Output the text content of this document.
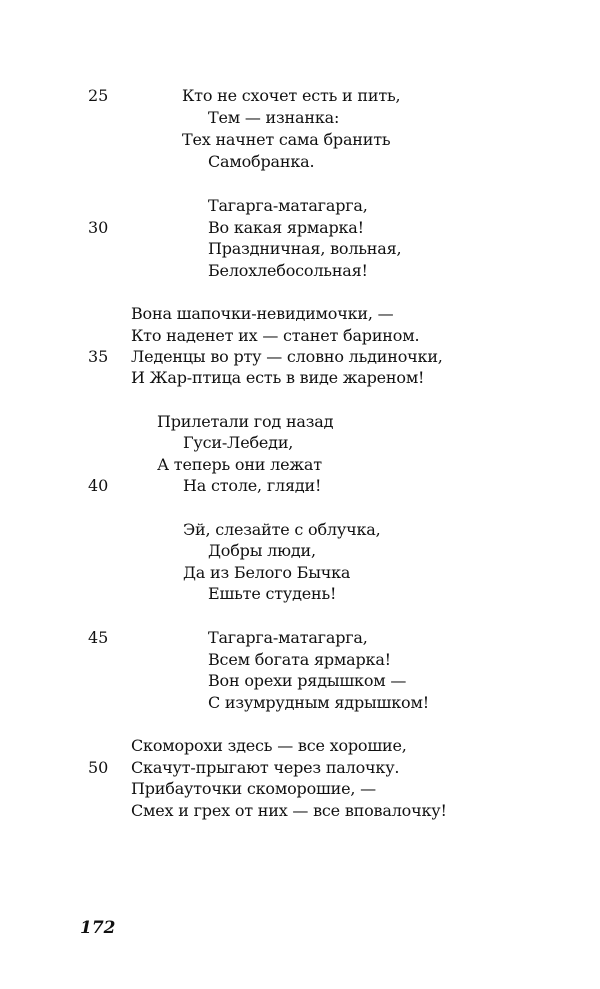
Кто не схочет есть и пить,
Тем — изнанка:
Тех начнет сама бранить
Самобранка.
Тагарга-матагарга,
Во какая ярмарка!
Праздничная, вольная,
Белохлебосольная!
Вона шапочки-невидимочки, —
Кто наденет их — станет барином.
Леденцы во рту — словно льдиночки,
И Жар-птица есть в виде жареном!
Прилетали год назад
Гуси-Лебеди,
А теперь они лежат
На столе, гляди!
Эй, слезайте с облучка,
Добры люди,
Да из Белого Бычка
Ешьте студень!
Тагарга-матагарга,
Всем богата ярмарка!
Вон орехи рядышком —
С изумрудным ядрышком!
Скоморохи здесь — все хорошие,
Скачут-прыгают через палочку.
Прибауточки скоморошие, —
Смех и грех от них — все вповалочку!
25
30
35
40
45
50
172
